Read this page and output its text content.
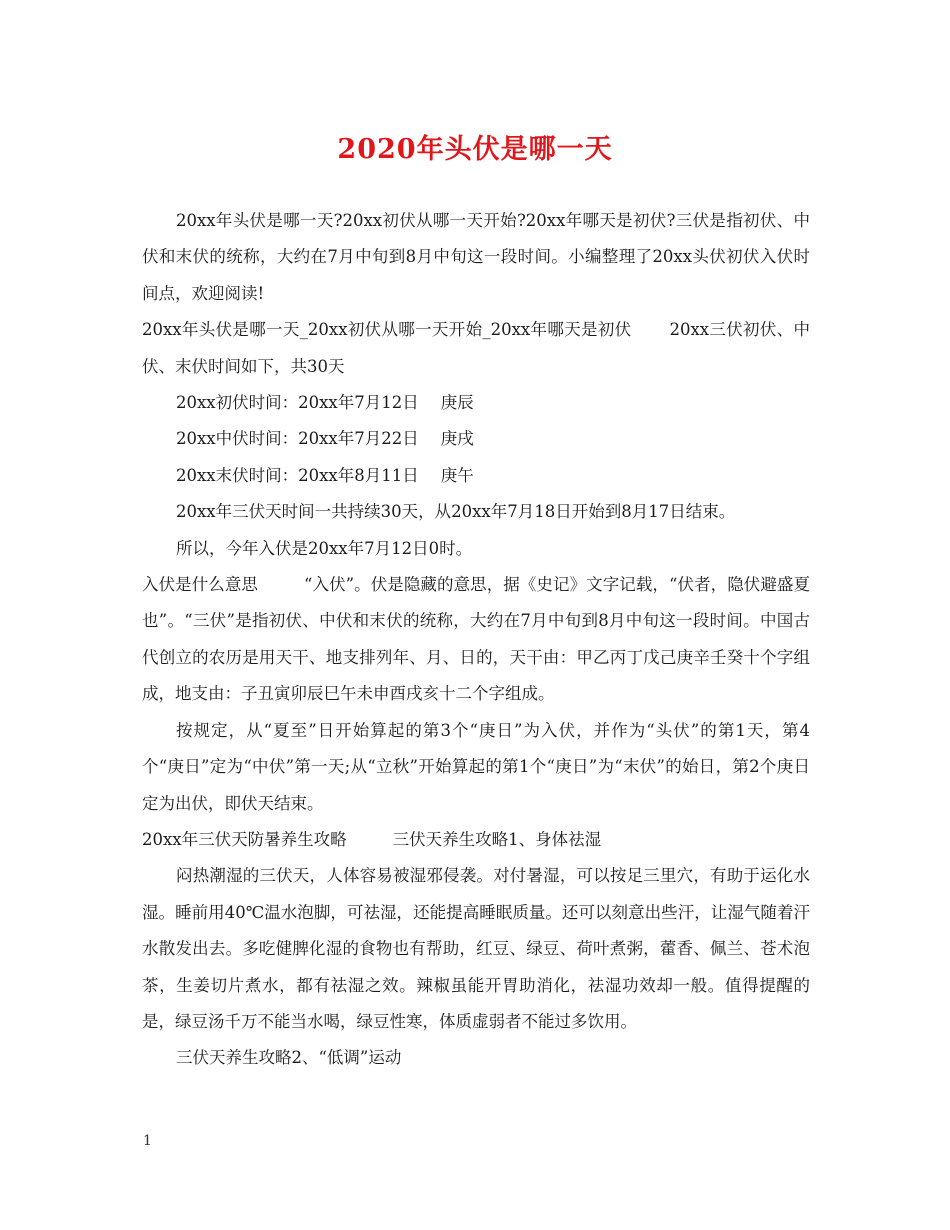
2020年头伏是哪一天

20xx年头伏是哪一天?20xx初伏从哪一天开始?20xx年哪天是初伏?三伏是指初伏、中伏和末伏的统称，大约在7月中旬到8月中旬这一段时间。小编整理了20xx头伏初伏入伏时间点，欢迎阅读!

20xx年头伏是哪一天_20xx初伏从哪一天开始_20xx年哪天是初伏 20xx三伏初伏、中伏、末伏时间如下，共30天

20xx初伏时间：20xx年7月12日 庚辰

20xx中伏时间：20xx年7月22日 庚戌

20xx末伏时间：20xx年8月11日 庚午

20xx年三伏天时间一共持续30天，从20xx年7月18日开始到8月17日结束。

所以，今年入伏是20xx年7月12日0时。

入伏是什么意思	“入伏”。伏是隐藏的意思，据《史记》文字记载，“伏者，隐伏避盛夏也”。“三伏”是指初伏、中伏和末伏的统称，大约在7月中旬到8月中旬这一段时间。中国古代创立的农历是用天干、地支排列年、月、日的，天干由：甲乙丙丁戊己庚辛壬癸十个字组成，地支由：子丑寅卯辰巳午未申酉戌亥十二个字组成。

按规定，从“夏至”日开始算起的第3个“庚日”为入伏，并作为“头伏”的第1天，第4个“庚日”定为“中伏”第一天;从“立秋”开始算起的第1个“庚日”为“末伏”的始日，第2个庚日定为出伏，即伏天结束。

20xx年三伏天防暑养生攻略	三伏天养生攻略1、身体祛湿

闷热潮湿的三伏天，人体容易被湿邪侵袭。对付暑湿，可以按足三里穴，有助于运化水湿。睡前用40℃温水泡脚，可祛湿，还能提高睡眠质量。还可以刻意出些汗，让湿气随着汗水散发出去。多吃健脾化湿的食物也有帮助，红豆、绿豆、荷叶煮粥，藿香、佩兰、苍术泡茶，生姜切片煮水，都有祛湿之效。辣椒虽能开胃助消化，祛湿功效却一般。值得提醒的是，绿豆汤千万不能当水喝，绿豆性寒，体质虚弱者不能过多饮用。

三伏天养生攻略2、“低调”运动

1
